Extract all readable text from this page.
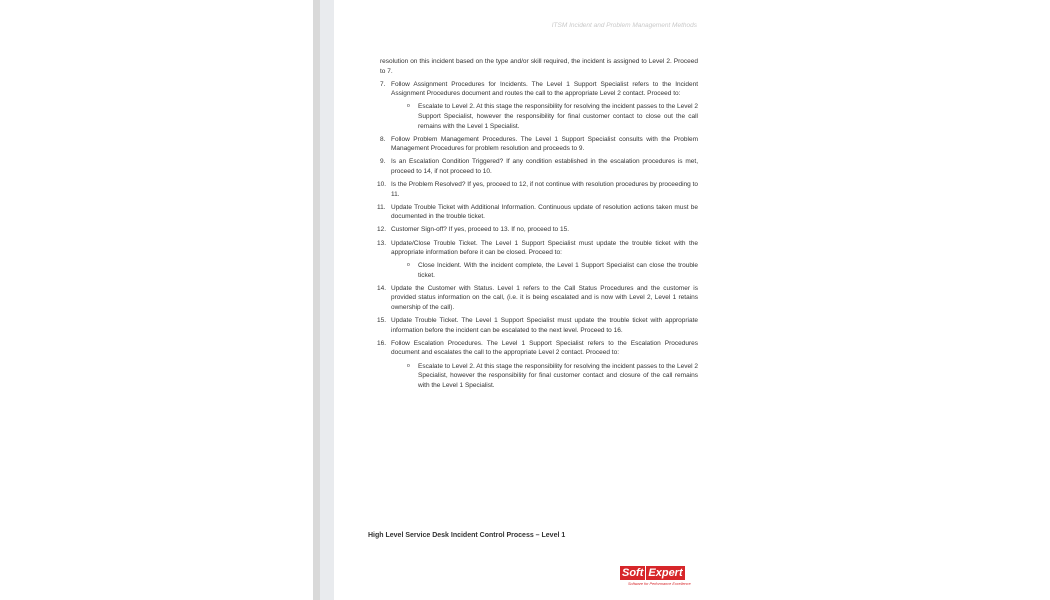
ITSM Incident and Problem Management Methods

resolution on this incident based on the type and/or skill required, the incident is assigned to Level 2. Proceed to 7.

7. Follow Assignment Procedures for Incidents. The Level 1 Support Specialist refers to the Incident Assignment Procedures document and routes the call to the appropriate Level 2 contact. Proceed to:
o	Escalate to Level 2. At this stage the responsibility for resolving the incident passes to the Level 2 Support Specialist, however the responsibility for final customer contact to close out the call remains with the Level 1 Specialist.
8. Follow Problem Management Procedures. The Level 1 Support Specialist consults with the Problem Management Procedures for problem resolution and proceeds to 9.
9. Is an Escalation Condition Triggered? If any condition established in the escalation procedures is met, proceed to 14, if not proceed to 10.
10. Is the Problem Resolved? If yes, proceed to 12, if not continue with resolution procedures by proceeding to 11.
11. Update Trouble Ticket with Additional Information. Continuous update of resolution actions taken must be documented in the trouble ticket.
12. Customer Sign-off? If yes, proceed to 13. If no, proceed to 15.
13. Update/Close Trouble Ticket. The Level 1 Support Specialist must update the trouble ticket with the appropriate information before it can be closed. Proceed to:
o	Close Incident. With the incident complete, the Level 1 Support Specialist can close the trouble ticket.
14. Update the Customer with Status. Level 1 refers to the Call Status Procedures and the customer is provided status information on the call, (i.e. it is being escalated and is now with Level 2, Level 1 retains ownership of the call).
15. Update Trouble Ticket. The Level 1 Support Specialist must update the trouble ticket with appropriate information before the incident can be escalated to the next level. Proceed to 16.
16. Follow Escalation Procedures. The Level 1 Support Specialist refers to the Escalation Procedures document and escalates the call to the appropriate Level 2 contact. Proceed to:
o	Escalate to Level 2. At this stage the responsibility for resolving the incident passes to the Level 2 Specialist, however the responsibility for final customer contact and closure of the call remains with the Level 1 Specialist.
High Level Service Desk Incident Control Process – Level 1
Soft Expert
Software for Performance Excellence
